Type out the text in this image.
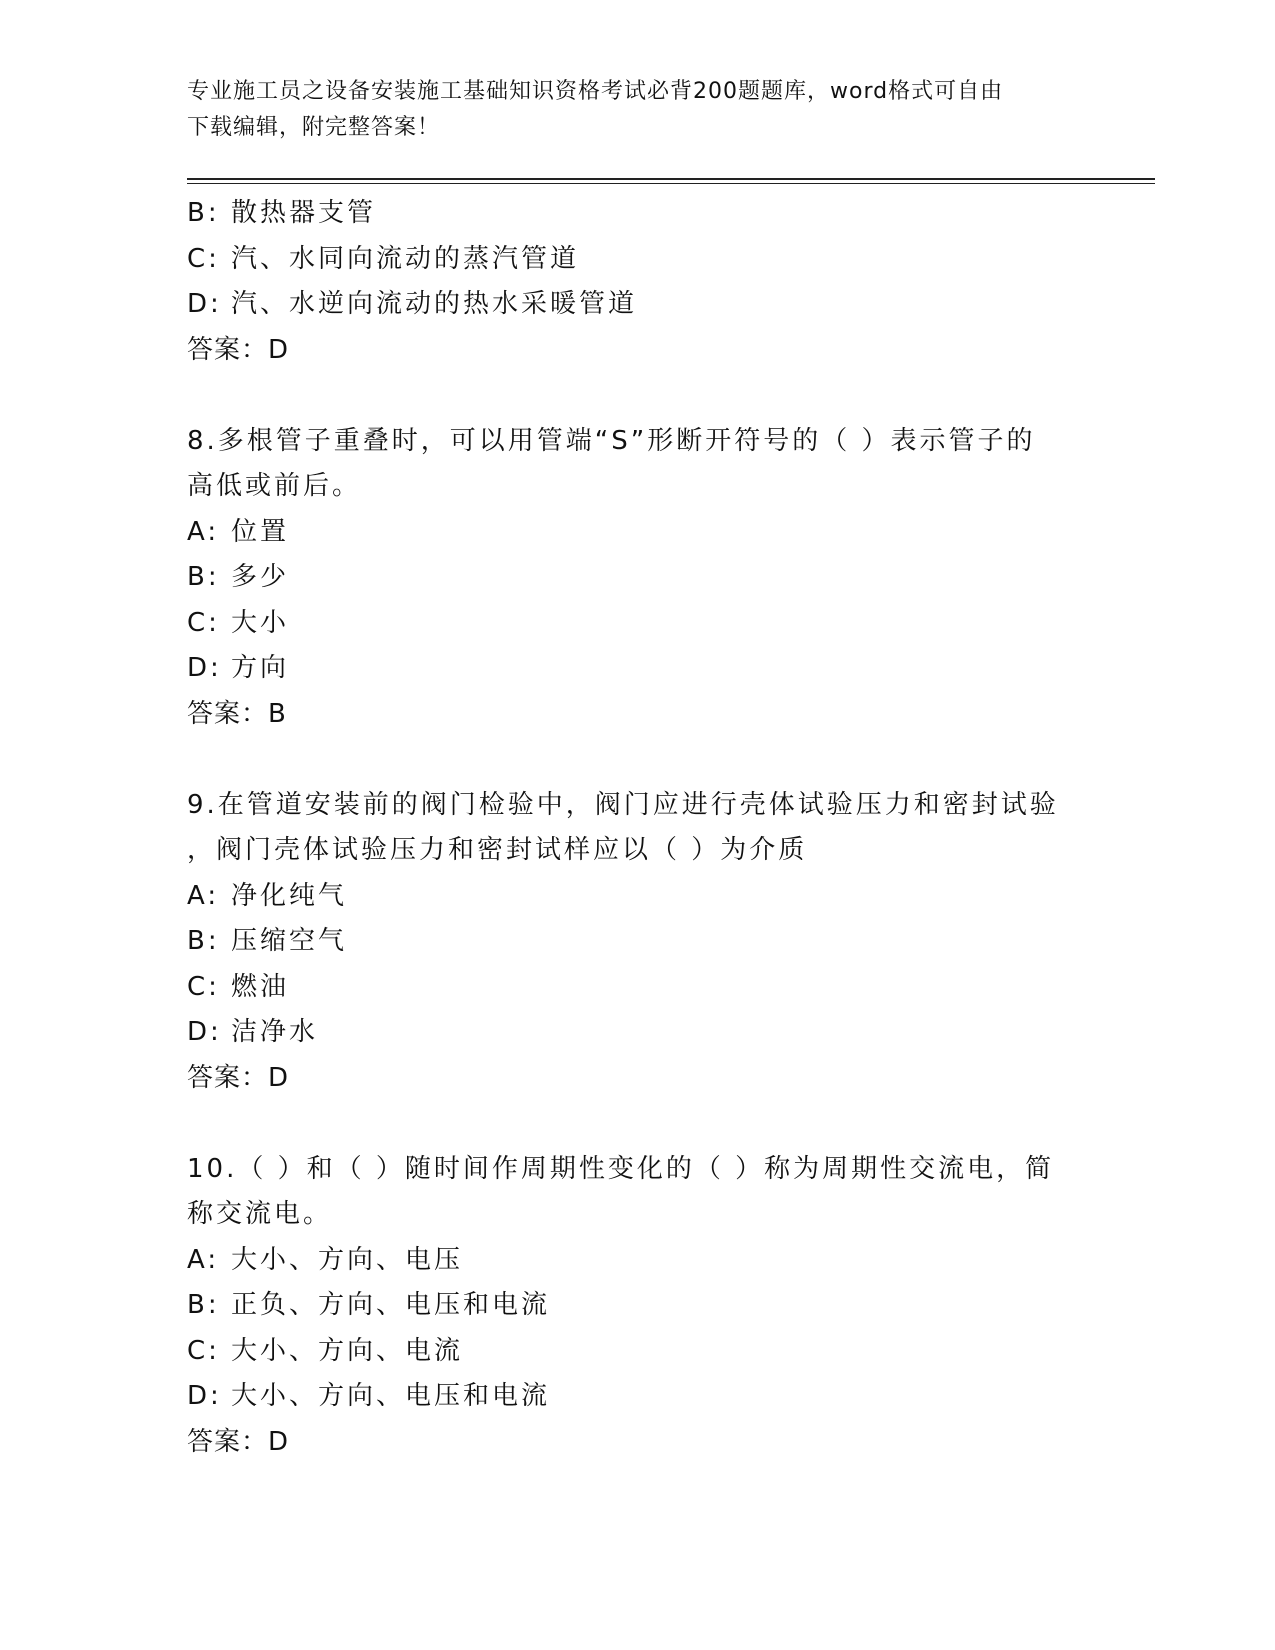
专业施工员之设备安装施工基础知识资格考试必背200题题库，word格式可自由
下载编辑，附完整答案！
B: 散热器支管
C: 汽、水同向流动的蒸汽管道
D: 汽、水逆向流动的热水采暖管道
答案：D
8.多根管子重叠时，可以用管端“S”形断开符号的（ ）表示管子的
高低或前后。
A: 位置
B: 多少
C: 大小
D: 方向
答案：B
9.在管道安装前的阀门检验中，阀门应进行壳体试验压力和密封试验
，阀门壳体试验压力和密封试样应以（ ）为介质
A: 净化纯气
B: 压缩空气
C: 燃油
D: 洁净水
答案：D
10.（ ）和（ ）随时间作周期性变化的（ ）称为周期性交流电，简
称交流电。
A: 大小、方向、电压
B: 正负、方向、电压和电流
C: 大小、方向、电流
D: 大小、方向、电压和电流
答案：D
